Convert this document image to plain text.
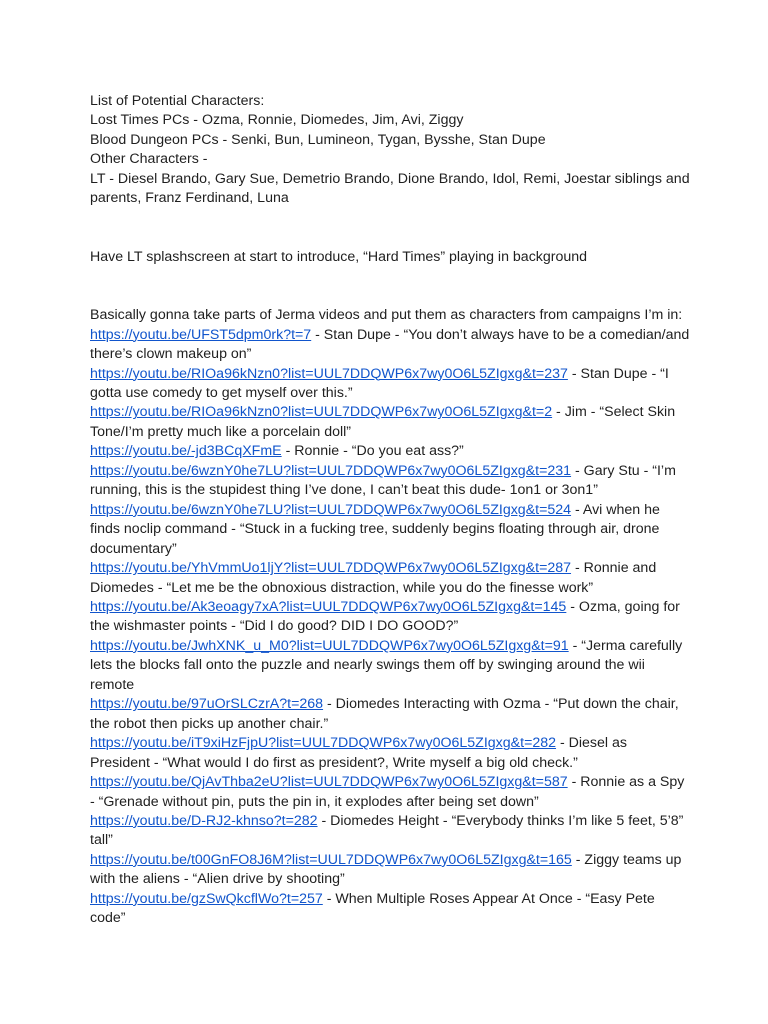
List of Potential Characters:

Lost Times PCs - Ozma, Ronnie, Diomedes, Jim, Avi, Ziggy

Blood Dungeon PCs - Senki, Bun, Lumineon, Tygan, Bysshe, Stan Dupe

Other Characters -

LT - Diesel Brando, Gary Sue, Demetrio Brando, Dione Brando, Idol, Remi, Joestar siblings and parents, Franz Ferdinand, Luna

Have LT splashscreen at start to introduce, “Hard Times” playing in background

Basically gonna take parts of Jerma videos and put them as characters from campaigns I’m in:

https://youtu.be/UFST5dpm0rk?t=7 - Stan Dupe - “You don’t always have to be a comedian/and there’s clown makeup on”

https://youtu.be/RIOa96kNzn0?list=UUL7DDQWP6x7wy0O6L5ZIgxg&t=237 - Stan Dupe - “I gotta use comedy to get myself over this.”

https://youtu.be/RIOa96kNzn0?list=UUL7DDQWP6x7wy0O6L5ZIgxg&t=2 - Jim - “Select Skin Tone/I’m pretty much like a porcelain doll”

https://youtu.be/-jd3BCqXFmE - Ronnie - “Do you eat ass?”

https://youtu.be/6wznY0he7LU?list=UUL7DDQWP6x7wy0O6L5ZIgxg&t=231 - Gary Stu - “I’m running, this is the stupidest thing I’ve done, I can’t beat this dude- 1on1 or 3on1”

https://youtu.be/6wznY0he7LU?list=UUL7DDQWP6x7wy0O6L5ZIgxg&t=524 - Avi when he finds noclip command - “Stuck in a fucking tree, suddenly begins floating through air, drone documentary”

https://youtu.be/YhVmmUo1ljY?list=UUL7DDQWP6x7wy0O6L5ZIgxg&t=287 - Ronnie and Diomedes - “Let me be the obnoxious distraction, while you do the finesse work”

https://youtu.be/Ak3eoagy7xA?list=UUL7DDQWP6x7wy0O6L5ZIgxg&t=145 - Ozma, going for the wishmaster points - “Did I do good? DID I DO GOOD?”

https://youtu.be/JwhXNK_u_M0?list=UUL7DDQWP6x7wy0O6L5ZIgxg&t=91 - “Jerma carefully lets the blocks fall onto the puzzle and nearly swings them off by swinging around the wii remote

https://youtu.be/97uOrSLCzrA?t=268 - Diomedes Interacting with Ozma - “Put down the chair, the robot then picks up another chair.”

https://youtu.be/iT9xiHzFjpU?list=UUL7DDQWP6x7wy0O6L5ZIgxg&t=282 - Diesel as President - “What would I do first as president?, Write myself a big old check.”

https://youtu.be/QjAvThba2eU?list=UUL7DDQWP6x7wy0O6L5ZIgxg&t=587 - Ronnie as a Spy - “Grenade without pin, puts the pin in, it explodes after being set down”

https://youtu.be/D-RJ2-khnso?t=282 - Diomedes Height - “Everybody thinks I’m like 5 feet, 5’8” tall”

https://youtu.be/t00GnFO8J6M?list=UUL7DDQWP6x7wy0O6L5ZIgxg&t=165 - Ziggy teams up with the aliens - “Alien drive by shooting”

https://youtu.be/gzSwQkcflWo?t=257 - When Multiple Roses Appear At Once - “Easy Pete code”
